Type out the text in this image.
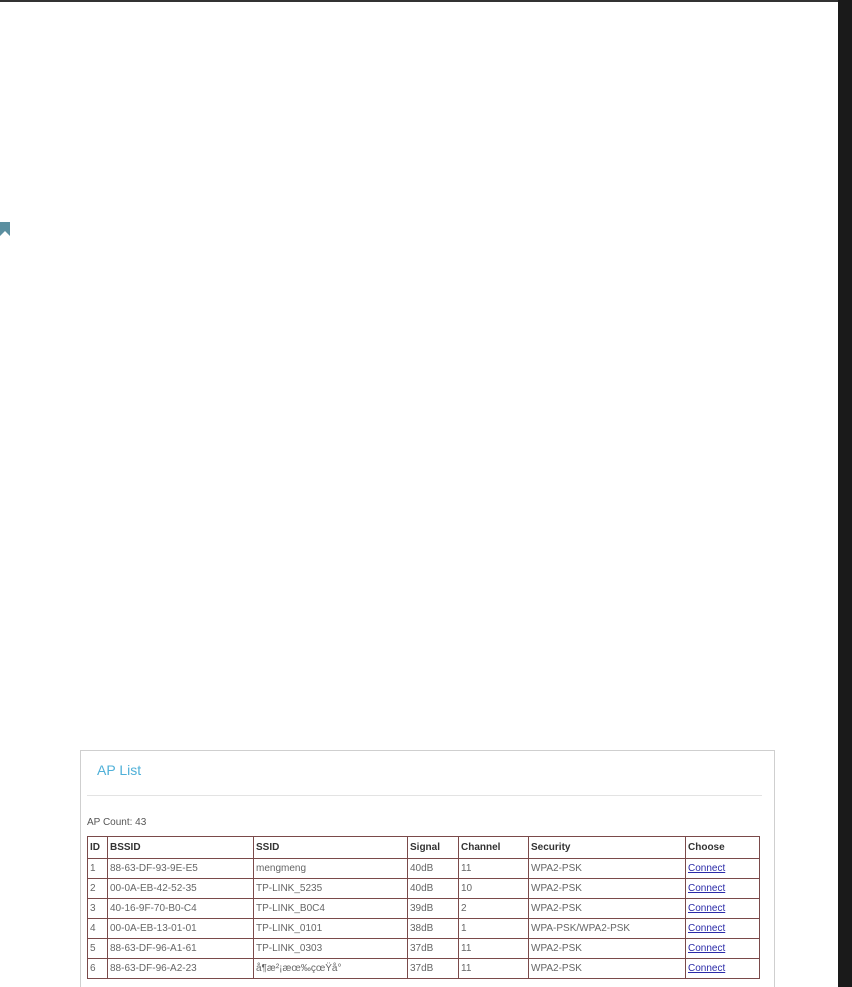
AP List
AP Count: 43
ID	BSSID	SSID	Signal	Channel	Security	Choose
1	88-63-DF-93-9E-E5	mengmeng	40dB	11	WPA2-PSK	Connect
2	00-0A-EB-42-52-35	TP-LINK_5235	40dB	10	WPA2-PSK	Connect
3	40-16-9F-70-B0-C4	TP-LINK_B0C4	39dB	2	WPA2-PSK	Connect
4	00-0A-EB-13-01-01	TP-LINK_0101	38dB	1	WPA-PSK/WPA2-PSK	Connect
5	88-63-DF-96-A1-61	TP-LINK_0303	37dB	11	WPA2-PSK	Connect
6	88-63-DF-96-A2-23	å¶æ²¡æœ‰çœŸå°	37dB	11	WPA2-PSK	Connect
